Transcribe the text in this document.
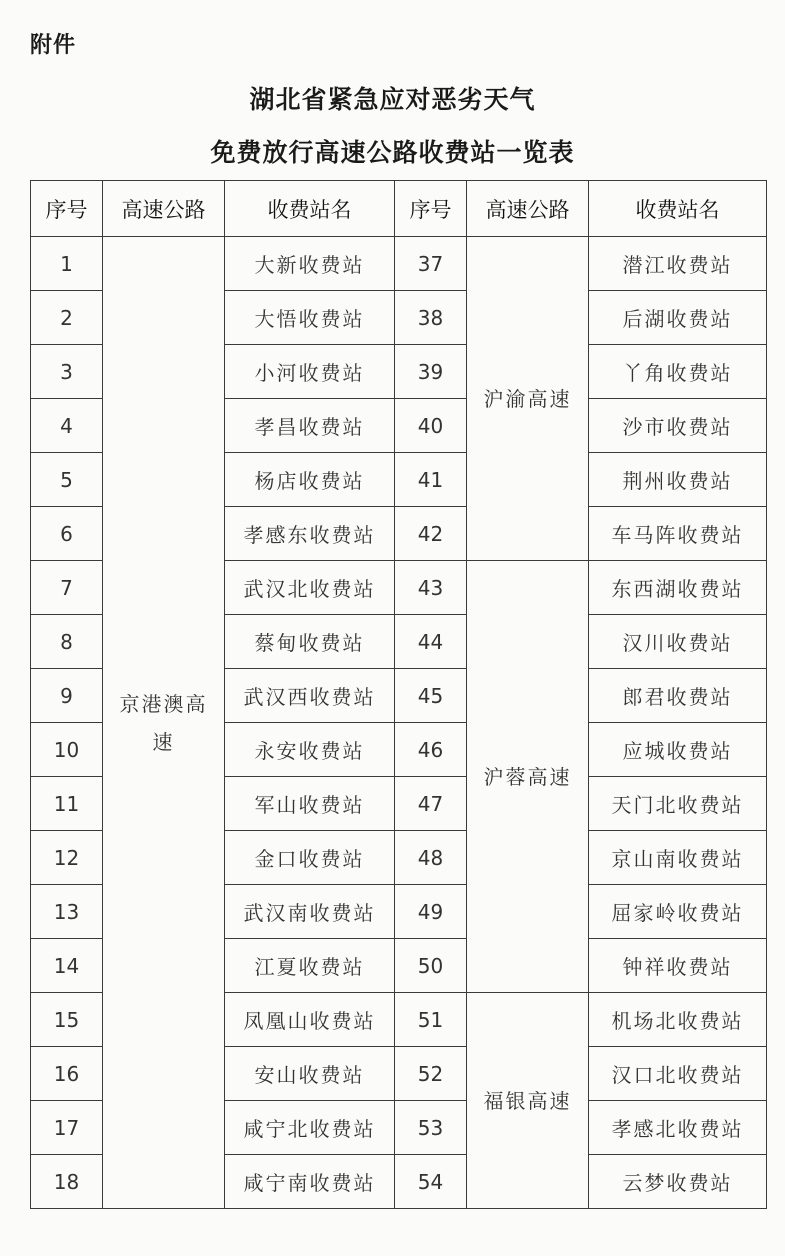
附件
湖北省紧急应对恶劣天气
免费放行高速公路收费站一览表
序号	高速公路	收费站名	序号	高速公路	收费站名
1	京港澳高速	大新收费站	37	沪渝高速	潜江收费站
2		大悟收费站	38		后湖收费站
3		小河收费站	39		丫角收费站
4		孝昌收费站	40		沙市收费站
5		杨店收费站	41		荆州收费站
6		孝感东收费站	42		车马阵收费站
7		武汉北收费站	43	沪蓉高速	东西湖收费站
8		蔡甸收费站	44		汉川收费站
9		武汉西收费站	45		郎君收费站
10		永安收费站	46		应城收费站
11		军山收费站	47		天门北收费站
12		金口收费站	48		京山南收费站
13		武汉南收费站	49		屈家岭收费站
14		江夏收费站	50		钟祥收费站
15		凤凰山收费站	51	福银高速	机场北收费站
16		安山收费站	52		汉口北收费站
17		咸宁北收费站	53		孝感北收费站
18		咸宁南收费站	54		云梦收费站
